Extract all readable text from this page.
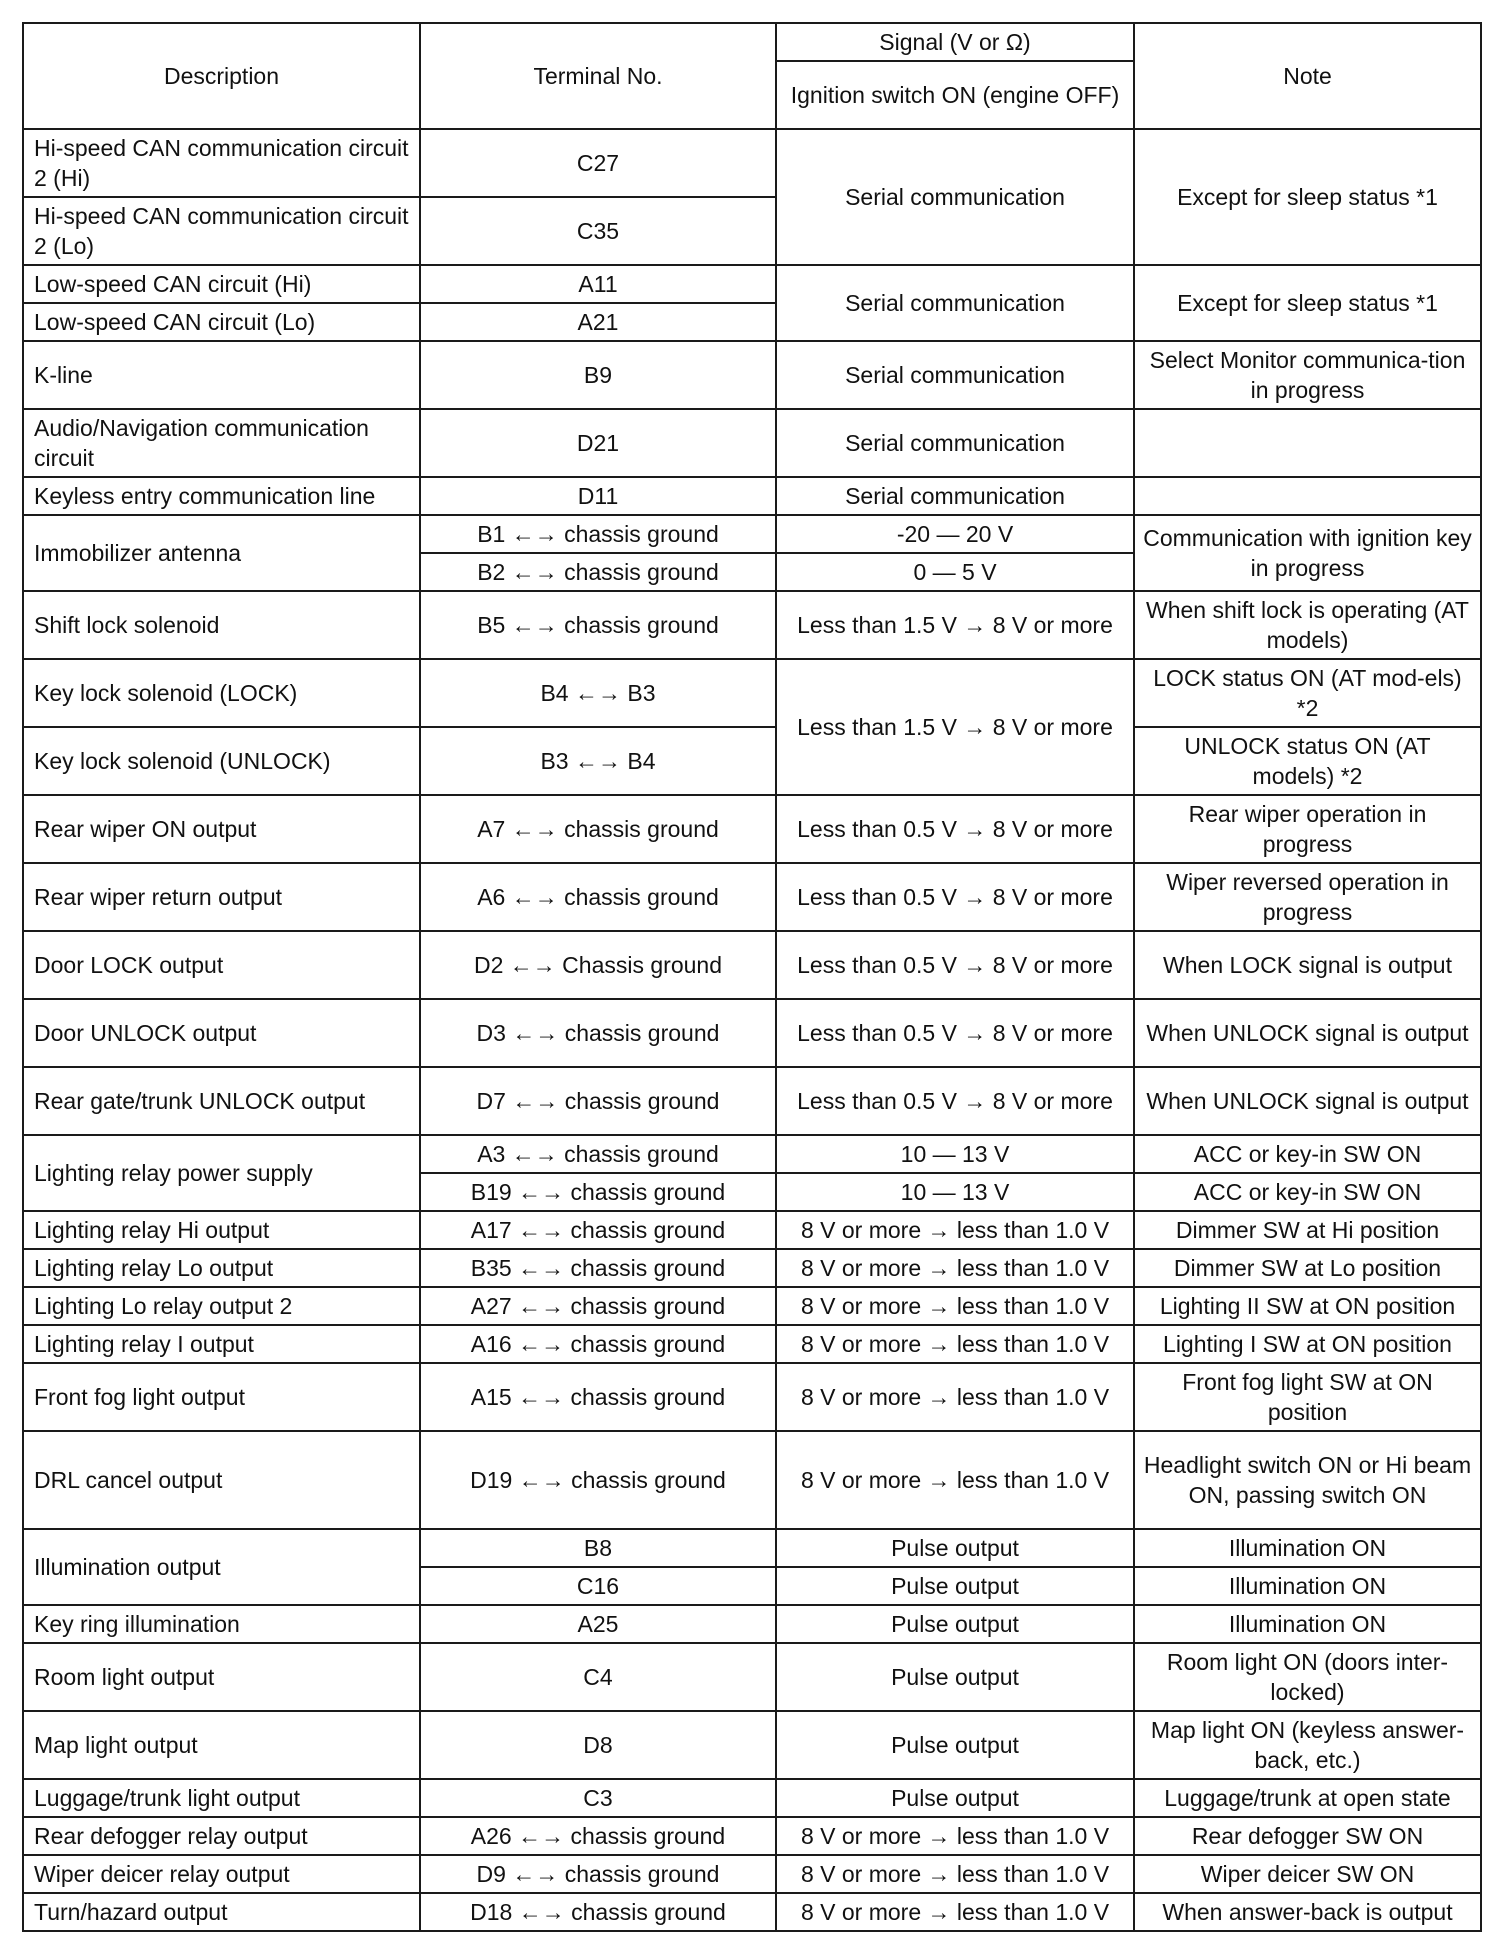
Description	Terminal No.	Signal (V or Ω)	Note
		Ignition switch ON (engine OFF)	
Hi-speed CAN communication circuit 2 (Hi)	C27	Serial communication	Except for sleep status *1
Hi-speed CAN communication circuit 2 (Lo)	C35		
Low-speed CAN circuit (Hi)	A11	Serial communication	Except for sleep status *1
Low-speed CAN circuit (Lo)	A21		
K-line	B9	Serial communication	Select Monitor communica-tion in progress
Audio/Navigation communication circuit	D21	Serial communication	
Keyless entry communication line	D11	Serial communication	
Immobilizer antenna	B1 ←→ chassis ground	-20 — 20 V	Communication with ignition key in progress
	B2 ←→ chassis ground	0 — 5 V	
Shift lock solenoid	B5 ←→ chassis ground	Less than 1.5 V → 8 V or more	When shift lock is operating (AT models)
Key lock solenoid (LOCK)	B4 ←→ B3	Less than 1.5 V → 8 V or more	LOCK status ON (AT mod-els) *2
Key lock solenoid (UNLOCK)	B3 ←→ B4		UNLOCK status ON (AT models) *2
Rear wiper ON output	A7 ←→ chassis ground	Less than 0.5 V → 8 V or more	Rear wiper operation in progress
Rear wiper return output	A6 ←→ chassis ground	Less than 0.5 V → 8 V or more	Wiper reversed operation in progress
Door LOCK output	D2 ←→ Chassis ground	Less than 0.5 V → 8 V or more	When LOCK signal is output
Door UNLOCK output	D3 ←→ chassis ground	Less than 0.5 V → 8 V or more	When UNLOCK signal is output
Rear gate/trunk UNLOCK output	D7 ←→ chassis ground	Less than 0.5 V → 8 V or more	When UNLOCK signal is output
Lighting relay power supply	A3 ←→ chassis ground	10 — 13 V	ACC or key-in SW ON
	B19 ←→ chassis ground	10 — 13 V	ACC or key-in SW ON
Lighting relay Hi output	A17 ←→ chassis ground	8 V or more → less than 1.0 V	Dimmer SW at Hi position
Lighting relay Lo output	B35 ←→ chassis ground	8 V or more → less than 1.0 V	Dimmer SW at Lo position
Lighting Lo relay output 2	A27 ←→ chassis ground	8 V or more → less than 1.0 V	Lighting II SW at ON position
Lighting relay I output	A16 ←→ chassis ground	8 V or more → less than 1.0 V	Lighting I SW at ON position
Front fog light output	A15 ←→ chassis ground	8 V or more → less than 1.0 V	Front fog light SW at ON position
DRL cancel output	D19 ←→ chassis ground	8 V or more → less than 1.0 V	Headlight switch ON or Hi beam ON, passing switch ON
Illumination output	B8	Pulse output	Illumination ON
	C16	Pulse output	Illumination ON
Key ring illumination	A25	Pulse output	Illumination ON
Room light output	C4	Pulse output	Room light ON (doors inter-locked)
Map light output	D8	Pulse output	Map light ON (keyless answer-back, etc.)
Luggage/trunk light output	C3	Pulse output	Luggage/trunk at open state
Rear defogger relay output	A26 ←→ chassis ground	8 V or more → less than 1.0 V	Rear defogger SW ON
Wiper deicer relay output	D9 ←→ chassis ground	8 V or more → less than 1.0 V	Wiper deicer SW ON
Turn/hazard output	D18 ←→ chassis ground	8 V or more → less than 1.0 V	When answer-back is output
